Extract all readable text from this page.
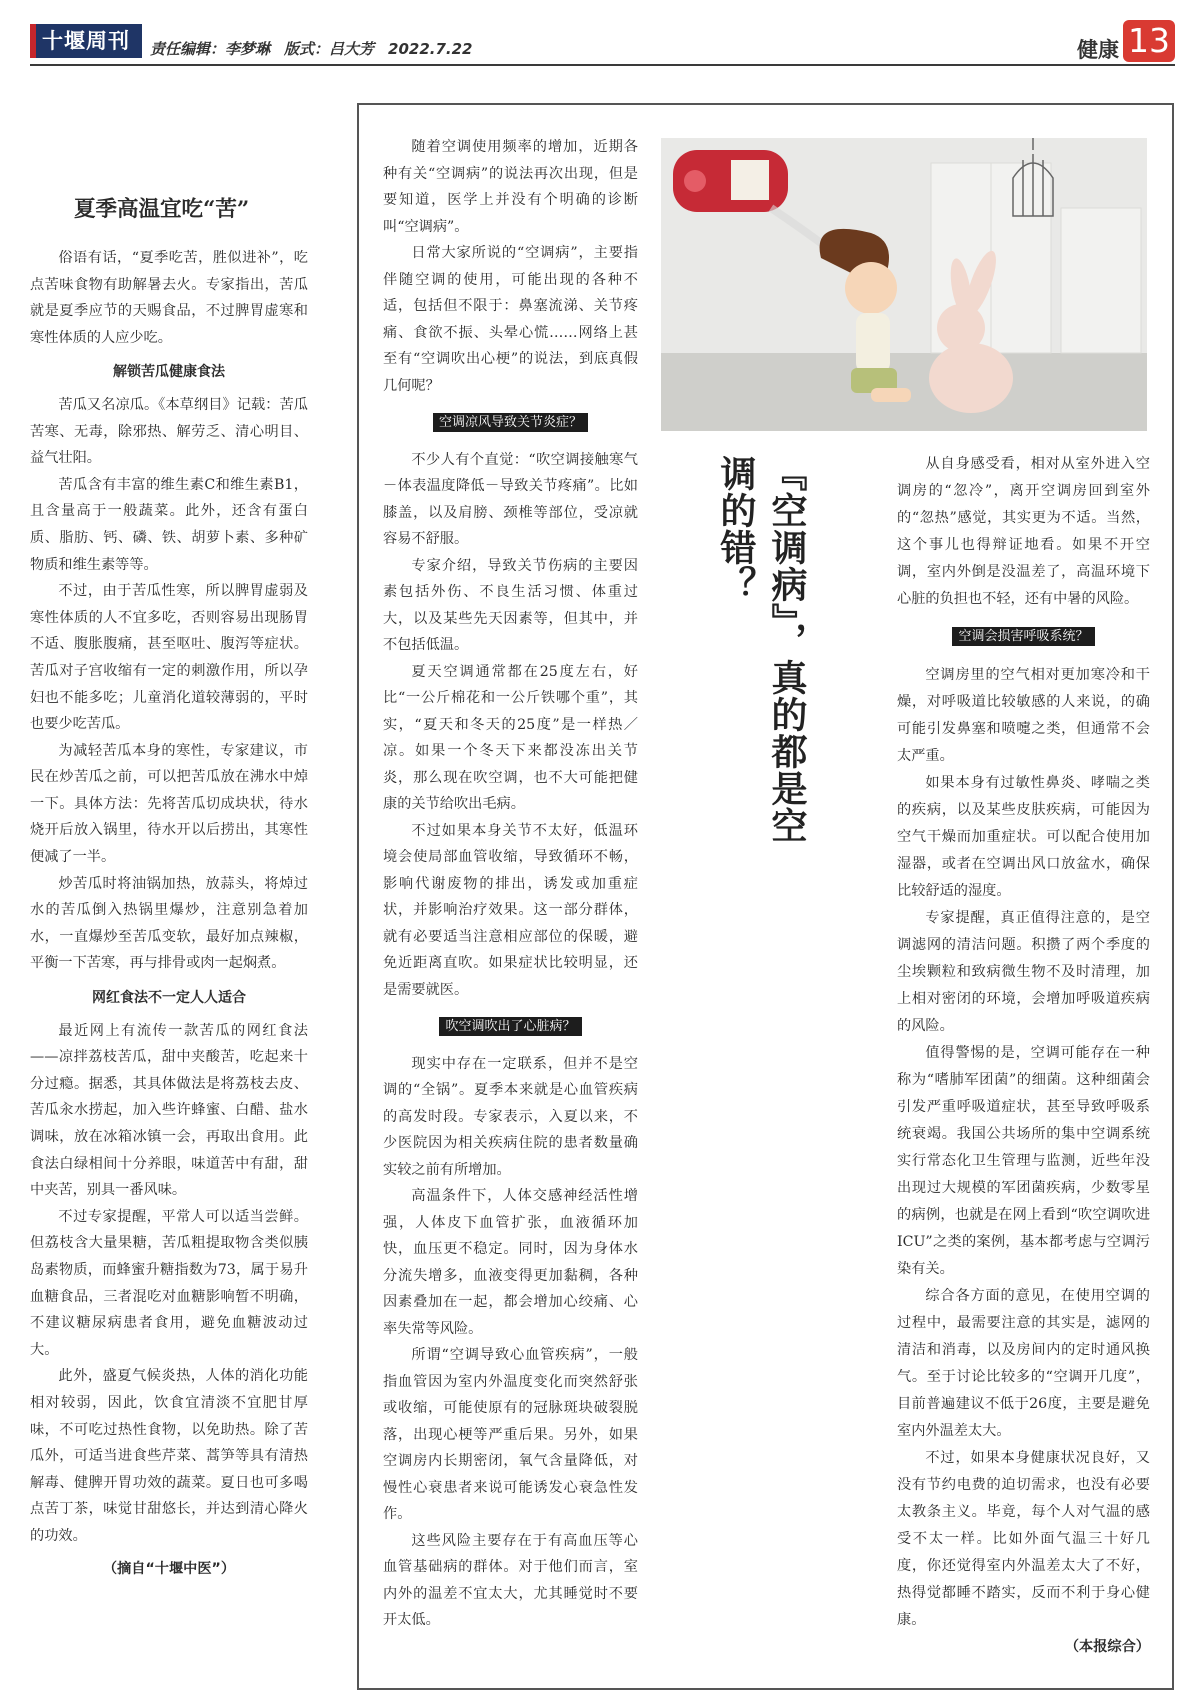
十堰周刊	责任编辑：李梦琳 版式：吕大芳 2022.7.22	健康 13
夏季高温宜吃“苦”

俗语有话，“夏季吃苦，胜似进补”，吃点苦味食物有助解暑去火。专家指出，苦瓜就是夏季应节的天赐食品，不过脾胃虚寒和寒性体质的人应少吃。

解锁苦瓜健康食法

苦瓜又名凉瓜。《本草纲目》记载：苦瓜苦寒、无毒，除邪热、解劳乏、清心明目、益气壮阳。

苦瓜含有丰富的维生素C和维生素B1，且含量高于一般蔬菜。此外，还含有蛋白质、脂肪、钙、磷、铁、胡萝卜素、多种矿物质和维生素等等。

不过，由于苦瓜性寒，所以脾胃虚弱及寒性体质的人不宜多吃，否则容易出现肠胃不适、腹胀腹痛，甚至呕吐、腹泻等症状。苦瓜对子宫收缩有一定的刺激作用，所以孕妇也不能多吃；儿童消化道较薄弱的，平时也要少吃苦瓜。

为减轻苦瓜本身的寒性，专家建议，市民在炒苦瓜之前，可以把苦瓜放在沸水中焯一下。具体方法：先将苦瓜切成块状，待水烧开后放入锅里，待水开以后捞出，其寒性便减了一半。

炒苦瓜时将油锅加热，放蒜头，将焯过水的苦瓜倒入热锅里爆炒，注意别急着加水，一直爆炒至苦瓜变软，最好加点辣椒，平衡一下苦寒，再与排骨或肉一起焖煮。

网红食法不一定人人适合

最近网上有流传一款苦瓜的网红食法——凉拌荔枝苦瓜，甜中夹酸苦，吃起来十分过瘾。据悉，其具体做法是将荔枝去皮、苦瓜汆水捞起，加入些许蜂蜜、白醋、盐水调味，放在冰箱冰镇一会，再取出食用。此食法白绿相间十分养眼，味道苦中有甜，甜中夹苦，别具一番风味。

不过专家提醒，平常人可以适当尝鲜。但荔枝含大量果糖，苦瓜粗提取物含类似胰岛素物质，而蜂蜜升糖指数为73，属于易升血糖食品，三者混吃对血糖影响暂不明确，不建议糖尿病患者食用，避免血糖波动过大。

此外，盛夏气候炎热，人体的消化功能相对较弱，因此，饮食宜清淡不宜肥甘厚味，不可吃过热性食物，以免助热。除了苦瓜外，可适当进食些芹菜、蒿笋等具有清热解毒、健脾开胃功效的蔬菜。夏日也可多喝点苦丁茶，味觉甘甜悠长，并达到清心降火的功效。

（摘自“十堰中医”）

随着空调使用频率的增加，近期各种有关“空调病”的说法再次出现，但是要知道，医学上并没有个明确的诊断叫“空调病”。

日常大家所说的“空调病”，主要指伴随空调的使用，可能出现的各种不适，包括但不限于：鼻塞流涕、关节疼痛、食欲不振、头晕心慌……网络上甚至有“空调吹出心梗”的说法，到底真假几何呢？

空调凉风导致关节炎症？

不少人有个直觉：“吹空调接触寒气－体表温度降低－导致关节疼痛”。比如膝盖，以及肩膀、颈椎等部位，受凉就容易不舒服。

专家介绍，导致关节伤病的主要因素包括外伤、不良生活习惯、体重过大，以及某些先天因素等，但其中，并不包括低温。

夏天空调通常都在25度左右，好比“一公斤棉花和一公斤铁哪个重”，其实，“夏天和冬天的25度”是一样热／凉。如果一个冬天下来都没冻出关节炎，那么现在吹空调，也不大可能把健康的关节给吹出毛病。

不过如果本身关节不太好，低温环境会使局部血管收缩，导致循环不畅，影响代谢废物的排出，诱发或加重症状，并影响治疗效果。这一部分群体，就有必要适当注意相应部位的保暖，避免近距离直吹。如果症状比较明显，还是需要就医。

吹空调吹出了心脏病？

现实中存在一定联系，但并不是空调的“全锅”。夏季本来就是心血管疾病的高发时段。专家表示，入夏以来，不少医院因为相关疾病住院的患者数量确实较之前有所增加。

高温条件下，人体交感神经活性增强，人体皮下血管扩张，血液循环加快，血压更不稳定。同时，因为身体水分流失增多，血液变得更加黏稠，各种因素叠加在一起，都会增加心绞痛、心率失常等风险。

所谓“空调导致心血管疾病”，一般指血管因为室内外温度变化而突然舒张或收缩，可能使原有的冠脉斑块破裂脱落，出现心梗等严重后果。另外，如果空调房内长期密闭，氧气含量降低，对慢性心衰患者来说可能诱发心衰急性发作。

这些风险主要存在于有高血压等心血管基础病的群体。对于他们而言，室内外的温差不宜太大，尤其睡觉时不要开太低。

『空调病』，真的都是空调的错？	从自身感受看，相对从室外进入空调房的“忽冷”，离开空调房回到室外的“忽热”感觉，其实更为不适。当然，这个事儿也得辩证地看。如果不开空调，室内外倒是没温差了，高温环境下心脏的负担也不轻，还有中暑的风险。

空调会损害呼吸系统？

空调房里的空气相对更加寒冷和干燥，对呼吸道比较敏感的人来说，的确可能引发鼻塞和喷嚏之类，但通常不会太严重。

如果本身有过敏性鼻炎、哮喘之类的疾病，以及某些皮肤疾病，可能因为空气干燥而加重症状。可以配合使用加湿器，或者在空调出风口放盆水，确保比较舒适的湿度。

专家提醒，真正值得注意的，是空调滤网的清洁问题。积攒了两个季度的尘埃颗粒和致病微生物不及时清理，加上相对密闭的环境，会增加呼吸道疾病的风险。

值得警惕的是，空调可能存在一种称为“嗜肺军团菌”的细菌。这种细菌会引发严重呼吸道症状，甚至导致呼吸系统衰竭。我国公共场所的集中空调系统实行常态化卫生管理与监测，近些年没出现过大规模的军团菌疾病，少数零星的病例，也就是在网上看到“吹空调吹进ICU”之类的案例，基本都考虑与空调污染有关。

综合各方面的意见，在使用空调的过程中，最需要注意的其实是，滤网的清洁和消毒，以及房间内的定时通风换气。至于讨论比较多的“空调开几度”，目前普遍建议不低于26度，主要是避免室内外温差太大。

不过，如果本身健康状况良好，又没有节约电费的迫切需求，也没有必要太教条主义。毕竟，每个人对气温的感受不太一样。比如外面气温三十好几度，你还觉得室内外温差太大了不好，热得觉都睡不踏实，反而不利于身心健康。

（本报综合）
